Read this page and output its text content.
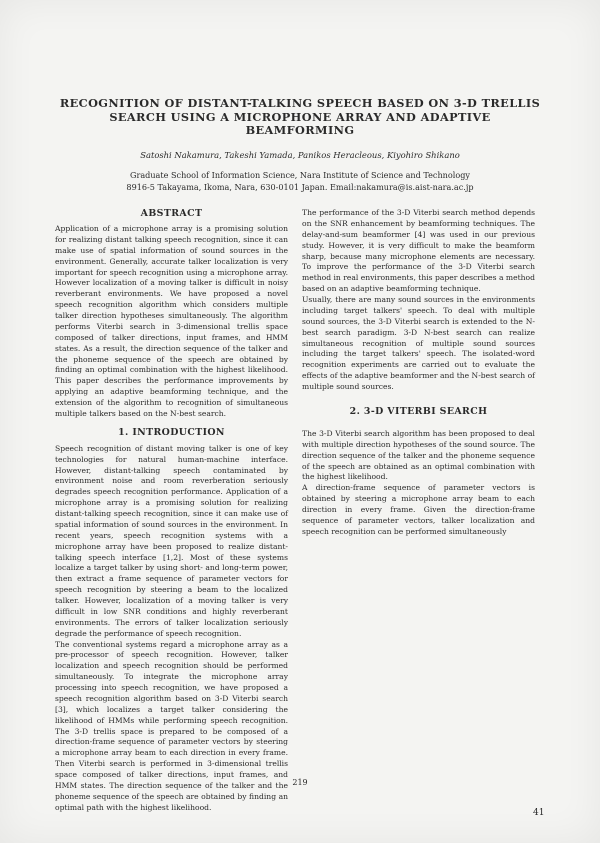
RECOGNITION OF DISTANT-TALKING SPEECH BASED ON 3-D TRELLIS
SEARCH USING A MICROPHONE ARRAY AND ADAPTIVE
BEAMFORMING

Satoshi Nakamura, Takeshi Yamada, Panikos Heracleous, Kiyohiro Shikano

Graduate School of Information Science, Nara Institute of Science and Technology
8916-5 Takayama, Ikoma, Nara, 630-0101 Japan. Email:nakamura@is.aist-nara.ac.jp

ABSTRACT

Application of a microphone array is a promising solution for realizing distant talking speech recognition, since it can make use of spatial information of sound sources in the environment. Generally, accurate talker localization is very important for speech recognition using a microphone array. However localization of a moving talker is difficult in noisy reverberant environments. We have proposed a novel speech recognition algorithm which considers multiple talker direction hypotheses simultaneously. The algorithm performs Viterbi search in 3-dimensional trellis space composed of talker directions, input frames, and HMM states. As a result, the direction sequence of the talker and the phoneme sequence of the speech are obtained by finding an optimal combination with the highest likelihood. This paper describes the performance improvements by applying an adaptive beamforming technique, and the extension of the algorithm to recognition of simultaneous multiple talkers based on the N-best search.

1. INTRODUCTION

Speech recognition of distant moving talker is one of key technologies for natural human-machine interface. However, distant-talking speech contaminated by environment noise and room reverberation seriously degrades speech recognition performance. Application of a microphone array is a promising solution for realizing distant-talking speech recognition, since it can make use of spatial information of sound sources in the environment. In recent years, speech recognition systems with a microphone array have been proposed to realize distant-talking speech interface [1,2]. Most of these systems localize a target talker by using short- and long-term power, then extract a frame sequence of parameter vectors for speech recognition by steering a beam to the localized talker. However, localization of a moving talker is very difficult in low SNR conditions and highly reverberant environments. The errors of talker localization seriously degrade the performance of speech recognition.

The conventional systems regard a microphone array as a pre-processor of speech recognition. However, talker localization and speech recognition should be performed simultaneously. To integrate the microphone array processing into speech recognition, we have proposed a speech recognition algorithm based on 3-D Viterbi search [3], which localizes a target talker considering the likelihood of HMMs while performing speech recognition. The 3-D trellis space is prepared to be composed of a direction-frame sequence of parameter vectors by steering a microphone array beam to each direction in every frame. Then Viterbi search is performed in 3-dimensional trellis space composed of talker directions, input frames, and HMM states. The direction sequence of the talker and the phoneme sequence of the speech are obtained by finding an optimal path with the highest likelihood.

The performance of the 3-D Viterbi search method depends on the SNR enhancement by beamforming techniques. The delay-and-sum beamformer [4] was used in our previous study. However, it is very difficult to make the beamform sharp, because many microphone elements are necessary. To improve the performance of the 3-D Viterbi search method in real environments, this paper describes a method based on an adaptive beamforming technique.

Usually, there are many sound sources in the environments including target talkers' speech. To deal with multiple sound sources, the 3-D Viterbi search is extended to the N-best search paradigm. 3-D N-best search can realize simultaneous recognition of multiple sound sources including the target talkers' speech. The isolated-word recognition experiments are carried out to evaluate the effects of the adaptive beamformer and the N-best search of multiple sound sources.

2. 3-D VITERBI SEARCH

The 3-D Viterbi search algorithm has been proposed to deal with multiple direction hypotheses of the sound source. The direction sequence of the talker and the phoneme sequence of the speech are obtained as an optimal combination with the highest likelihood.

A direction-frame sequence of parameter vectors is obtained by steering a microphone array beam to each direction in every frame. Given the direction-frame sequence of parameter vectors, talker localization and speech recognition can be performed simultaneously

219

41
